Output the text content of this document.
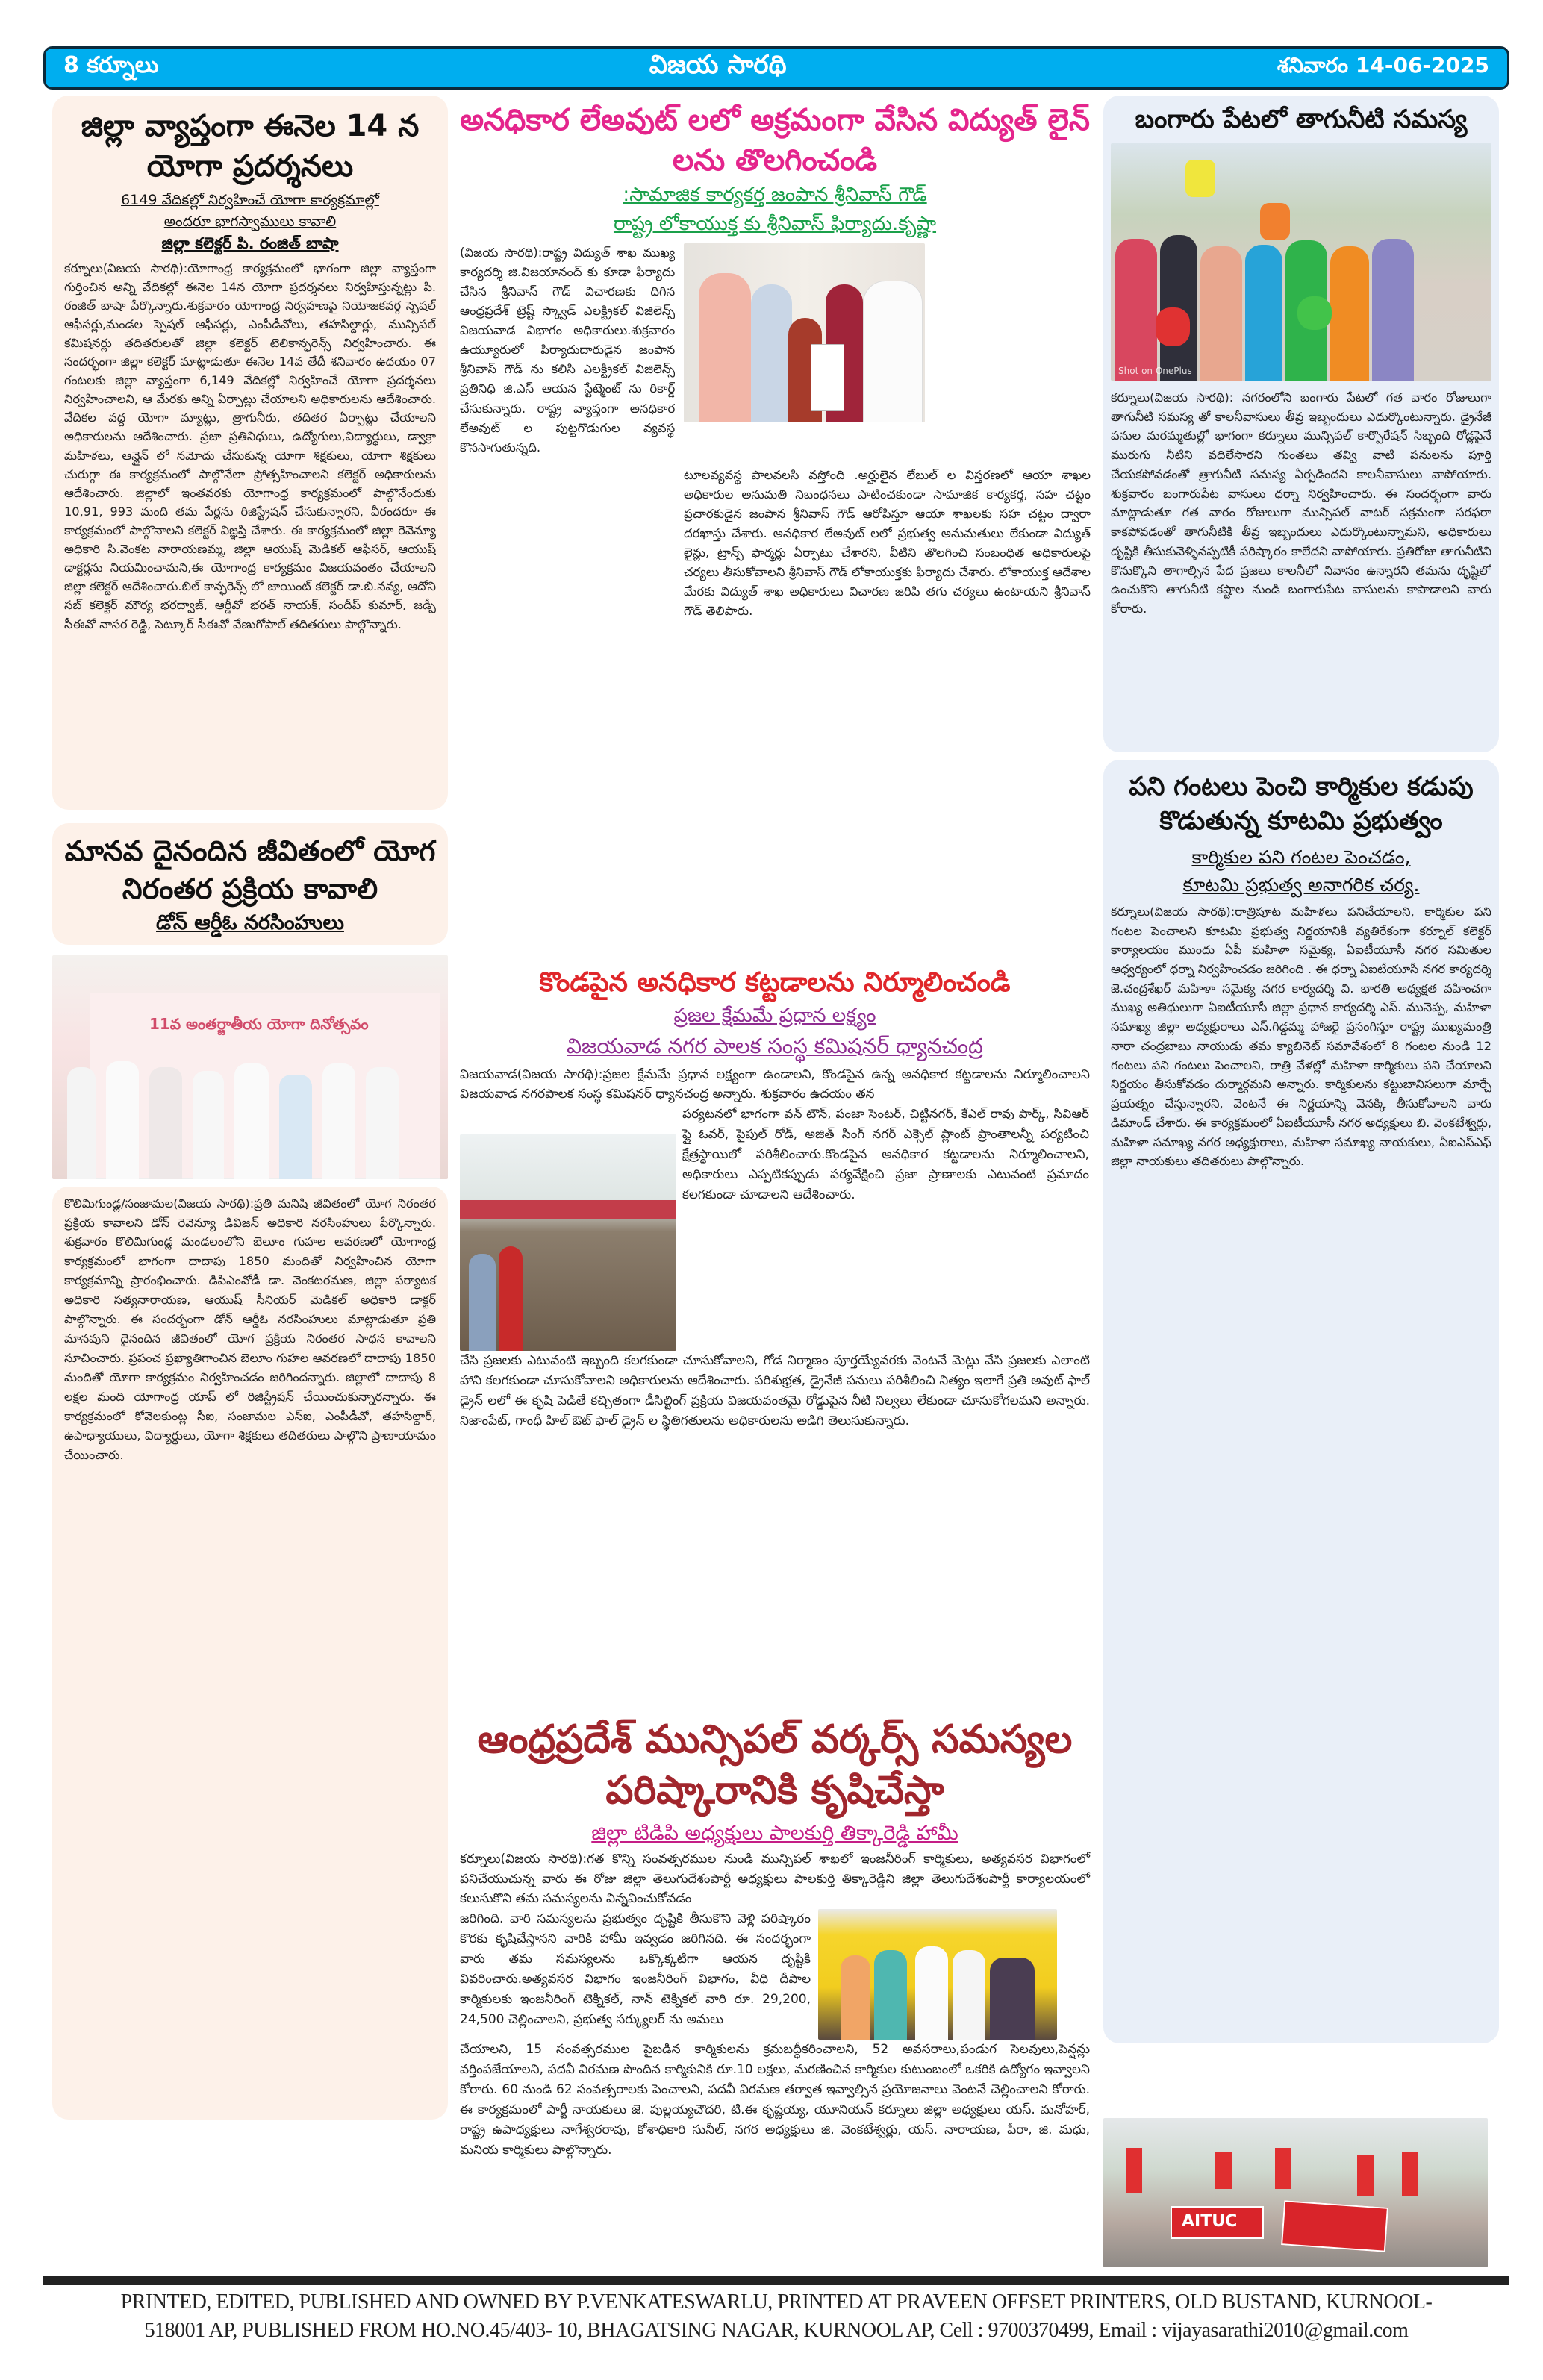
8 కర్నూలు	విజయ సారథి	శనివారం 14-06-2025
జిల్లా వ్యాప్తంగా ఈనెల 14 న యోగా ప్రదర్శనలు
6149 వేదికల్లో నిర్వహించే యోగా కార్యక్రమాల్లో
అందరూ భాగస్వాములు కావాలి
జిల్లా కలెక్టర్ పి. రంజిత్ బాషా
కర్నూలు(విజయ సారథి):యోగాంధ్ర కార్యక్రమంలో భాగంగా జిల్లా వ్యాప్తంగా గుర్తించిన అన్ని వేదికల్లో ఈనెల 14న యోగా ప్రదర్శనలు నిర్వహిస్తున్నట్లు పి. రంజిత్ బాషా పేర్కొన్నారు.శుక్రవారం యోగాంధ్ర నిర్వహణపై నియోజకవర్గ స్పెషల్ ఆఫీసర్లు,మండల స్పెషల్ ఆఫీసర్లు, ఎంపీడీవోలు, తహసిల్దార్లు, మున్సిపల్ కమిషనర్లు తదితరులతో జిల్లా కలెక్టర్ టెలికాన్ఫరెన్స్ నిర్వహించారు. ఈ సందర్భంగా జిల్లా కలెక్టర్ మాట్లాడుతూ ఈనెల 14వ తేదీ శనివారం ఉదయం 07 గంటలకు జిల్లా వ్యాప్తంగా 6,149 వేదికల్లో నిర్వహించే యోగా ప్రదర్శనలు నిర్వహించాలని, ఆ మేరకు అన్ని ఏర్పాట్లు చేయాలని అధికారులను ఆదేశించారు. వేదికల వద్ద యోగా మ్యాట్లు, త్రాగునీరు, తదితర ఏర్పాట్లు చేయాలని అధికారులను ఆదేశించారు. ప్రజా ప్రతినిధులు, ఉద్యోగులు,విద్యార్థులు, డ్వాక్రా మహిళలు, ఆన్లైన్ లో నమోదు చేసుకున్న యోగా శిక్షకులు, యోగా శిక్షకులు చురుగ్గా ఈ కార్యక్రమంలో పాల్గొనేలా ప్రోత్సహించాలని కలెక్టర్ అధికారులను ఆదేశించారు. జిల్లాలో ఇంతవరకు యోగాంధ్ర కార్యక్రమంలో పాల్గొనేందుకు 10,91, 993 మంది తమ పేర్లను రిజిస్ట్రేషన్ చేసుకున్నారని, వీరందరూ ఈ కార్యక్రమంలో పాల్గొనాలని కలెక్టర్ విజ్ఞప్తి చేశారు. ఈ కార్యక్రమంలో జిల్లా రెవెన్యూ అధికారి సి.వెంకట నారాయణమ్మ, జిల్లా ఆయుష్ మెడికల్ ఆఫీసర్, ఆయుష్ డాక్టర్లను నియమించామని,ఈ యోగాంధ్ర కార్యక్రమం విజయవంతం చేయాలని జిల్లా కలెక్టర్ ఆదేశించారు.బిల్ కాన్ఫరెన్స్ లో జాయింట్ కలెక్టర్ డా.బి.నవ్య, ఆదోని సబ్ కలెక్టర్ మౌర్య భరద్వాజ్, ఆర్డీవో భరత్ నాయక్, సందీప్ కుమార్, జడ్పీ సీఈవో నాసర రెడ్డి, సెట్కూర్ సీఈవో వేణుగోపాల్ తదితరులు పాల్గొన్నారు.
మానవ దైనందిన జీవితంలో యోగ నిరంతర ప్రక్రియ కావాలి
డోన్ ఆర్డీఓ నరసింహులు
11వ అంతర్జాతీయ యోగా దినోత్సవం
కొలిమిగుండ్ల/సంజామల(విజయ సారథి):ప్రతి మనిషి జీవితంలో యోగ నిరంతర ప్రక్రియ కావాలని డోన్ రెవెన్యూ డివిజన్ అధికారి నరసింహులు పేర్కొన్నారు. శుక్రవారం కొలిమిగుండ్ల మండలంలోని బెలూం గుహల ఆవరణలో యోగాంధ్ర కార్యక్రమంలో భాగంగా దాదాపు 1850 మందితో నిర్వహించిన యోగా కార్యక్రమాన్ని ప్రారంభించారు. డిపిఎంవోడీ డా. వెంకటరమణ, జిల్లా పర్యాటక అధికారి సత్యనారాయణ, ఆయుష్ సీనియర్ మెడికల్ అధికారి డాక్టర్ పాల్గొన్నారు. ఈ సందర్భంగా డోన్ ఆర్డీఓ నరసింహులు మాట్లాడుతూ ప్రతి మానవుని దైనందిన జీవితంలో యోగ ప్రక్రియ నిరంతర సాధన కావాలని సూచించారు. ప్రపంచ ప్రఖ్యాతిగాంచిన బెలూం గుహల ఆవరణలో దాదాపు 1850 మందితో యోగా కార్యక్రమం నిర్వహించడం జరిగిందన్నారు. జిల్లాలో దాదాపు 8 లక్షల మంది యోగాంధ్ర యాప్ లో రిజిస్ట్రేషన్ చేయించుకున్నారన్నారు. ఈ కార్యక్రమంలో కోవెలకుంట్ల సీఐ, సంజామల ఎస్ఐ, ఎంపీడీవో, తహసిల్దార్, ఉపాధ్యాయులు, విద్యార్థులు, యోగా శిక్షకులు తదితరులు పాల్గొని ప్రాణాయామం చేయించారు.
అనధికార లేఅవుట్ లలో అక్రమంగా వేసిన విద్యుత్ లైన్ లను తొలగించండి
:సామాజిక కార్యకర్త జంపాన శ్రీనివాస్ గౌడ్
రాష్ట్ర లోకాయుక్త కు శ్రీనివాస్ ఫిర్యాదు.కృష్ణా
(విజయ సారథి):రాష్ట్ర విద్యుత్ శాఖ ముఖ్య కార్యదర్శి జి.విజయానంద్ కు కూడా ఫిర్యాదు చేసిన శ్రీనివాస్ గౌడ్ విచారణకు దిగిన ఆంధ్రప్రదేశ్ ట్రెష్ట్ స్క్వాడ్ ఎలక్ట్రికల్ విజిలెన్స్ విజయవాడ విభాగం అధికారులు.శుక్రవారం ఉయ్యూరులో పిర్యాదుదారుడైన జంపాన శ్రీనివాస్ గౌడ్ ను కలిసి ఎలక్ట్రికల్ విజిలెన్స్ ప్రతినిధి జి.ఎస్ ఆయన స్టేట్మెంట్ ను రికార్డ్ చేసుకున్నారు. రాష్ట్ర వ్యాప్తంగా అనధికార లేఅవుట్ ల పుట్టగొడుగుల వ్యవస్థ కొనసాగుతున్నది.
టూలవ్యవస్థ పాలవలసి వస్తోంది .అర్హులైన లేబుల్ ల విస్తరణలో ఆయా శాఖల అధికారుల అనుమతి నిబంధనలు పాటించకుండా సామాజిక కార్యకర్త, సహ చట్టం ప్రచారకుడైన జంపాన శ్రీనివాస్ గౌడ్ ఆరోపిస్తూ ఆయా శాఖలకు సహ చట్టం ద్వారా దరఖాస్తు చేశారు. అనధికార లేఅవుట్ లలో ప్రభుత్వ అనుమతులు లేకుండా విద్యుత్ లైన్లు, ట్రాన్స్ ఫార్మర్లు ఏర్పాటు చేశారని, వీటిని తొలగించి సంబంధిత అధికారులపై చర్యలు తీసుకోవాలని శ్రీనివాస్ గౌడ్ లోకాయుక్తకు ఫిర్యాదు చేశారు. లోకాయుక్త ఆదేశాల మేరకు విద్యుత్ శాఖ అధికారులు విచారణ జరిపి తగు చర్యలు ఉంటాయని శ్రీనివాస్ గౌడ్ తెలిపారు.
కొండపైన అనధికార కట్టడాలను నిర్మూలించండి
ప్రజల క్షేమమే ప్రధాన లక్ష్యం
విజయవాడ నగర పాలక సంస్థ కమిషనర్ ధ్యానచంద్ర
విజయవాడ(విజయ సారథి):ప్రజల క్షేమమే ప్రధాన లక్ష్యంగా ఉండాలని, కొండపైన ఉన్న అనధికార కట్టడాలను నిర్మూలించాలని విజయవాడ నగరపాలక సంస్థ కమిషనర్ ధ్యానచంద్ర అన్నారు. శుక్రవారం ఉదయం తన
పర్యటనలో భాగంగా వన్ టౌన్, పంజా సెంటర్, చిట్టినగర్, కేఎల్ రావు పార్క్, సివిఆర్ ఫ్లై ఓవర్, పైపుల్ రోడ్, అజిత్ సింగ్ నగర్ ఎక్సెల్ ప్లాంట్ ప్రాంతాలన్నీ పర్యటించి క్షేత్రస్థాయిలో పరిశీలించారు.కొండపైన అనధికార కట్టడాలను నిర్మూలించాలని, అధికారులు ఎప్పటికప్పుడు పర్యవేక్షించి ప్రజా ప్రాణాలకు ఎటువంటి ప్రమాదం కలగకుండా చూడాలని ఆదేశించారు.
చేసి ప్రజలకు ఎటువంటి ఇబ్బంది కలగకుండా చూసుకోవాలని, గోడ నిర్మాణం పూర్తయ్యేవరకు వెంటనే మెట్లు వేసి ప్రజలకు ఎలాంటి హాని కలగకుండా చూసుకోవాలని అధికారులను ఆదేశించారు. పరిశుభ్రత, డ్రైనేజీ పనులు పరిశీలించి నిత్యం ఇలాగే ప్రతి అవుట్ ఫాల్ డ్రైన్ లలో ఈ కృషి పెడితే కచ్చితంగా డీసిల్టింగ్ ప్రక్రియ విజయవంతమై రోడ్డుపైన నీటి నిల్వలు లేకుండా చూసుకోగలమని అన్నారు. నిజాంపేట్, గాంధీ హిల్ ఔట్ ఫాల్ డ్రైన్ ల స్థితిగతులను అధికారులను అడిగి తెలుసుకున్నారు.
ఆంధ్రప్రదేశ్ మున్సిపల్ వర్కర్స్ సమస్యల పరిష్కారానికి కృషిచేస్తా
జిల్లా టిడిపి అధ్యక్షులు పాలకుర్తి తిక్కారెడ్డి హామీ
కర్నూలు(విజయ సారథి):గత కొన్ని సంవత్సరముల నుండి మున్సిపల్ శాఖలో ఇంజనీరింగ్ కార్మికులు, అత్యవసర విభాగంలో పనిచేయుచున్న వారు ఈ రోజు జిల్లా తెలుగుదేశంపార్టీ అధ్యక్షులు పాలకుర్తి తిక్కారెడ్డిని జిల్లా తెలుగుదేశంపార్టీ కార్యాలయంలో కలుసుకొని తమ సమస్యలను విన్నవించుకోవడం
జరిగింది. వారి సమస్యలను ప్రభుత్వం దృష్టికి తీసుకొని వెళ్లి పరిష్కారం కొరకు కృషిచేస్తానని వారికి హామీ ఇవ్వడం జరిగినది. ఈ సందర్భంగా వారు తమ సమస్యలను ఒక్కొక్కటిగా ఆయన దృష్టికి వివరించారు.అత్యవసర విభాగం ఇంజనీరింగ్ విభాగం, వీధి దీపాల కార్మికులకు ఇంజనీరింగ్ టెక్నికల్, నాన్ టెక్నికల్ వారి రూ. 29,200, 24,500 చెల్లించాలని, ప్రభుత్వ సర్క్యులర్ ను అమలు
చేయాలని, 15 సంవత్సరముల పైబడిన కార్మికులను క్రమబద్ధీకరించాలని, 52 అవసరాలు,పండుగ సెలవులు,పెన్షన్లు వర్తింపజేయాలని, పదవీ విరమణ పొందిన కార్మికునికి రూ.10 లక్షలు, మరణించిన కార్మికుల కుటుంబంలో ఒకరికి ఉద్యోగం ఇవ్వాలని కోరారు. 60 నుండి 62 సంవత్సరాలకు పెంచాలని, పదవీ విరమణ తర్వాత ఇవ్వాల్సిన ప్రయోజనాలు వెంటనే చెల్లించాలని కోరారు. ఈ కార్యక్రమంలో పార్టీ నాయకులు జె. పుల్లయ్యచౌదరి, టి.ఈ కృష్ణయ్య, యూనియన్ కర్నూలు జిల్లా అధ్యక్షులు యస్. మనోహర్, రాష్ట్ర ఉపాధ్యక్షులు నాగేశ్వరరావు, కోశాధికారి సునీల్, నగర అధ్యక్షులు జి. వెంకటేశ్వర్లు, యస్. నారాయణ, పీరా, జి. మధు, మనియ కార్మికులు పాల్గొన్నారు.
బంగారు పేటలో తాగునీటి సమస్య
Shot on OnePlus
కర్నూలు(విజయ సారథి): నగరంలోని బంగారు పేటలో గత వారం రోజులుగా తాగునీటి సమస్య తో కాలనీవాసులు తీవ్ర ఇబ్బందులు ఎదుర్కొంటున్నారు. డ్రైనేజీ పనుల మరమ్మతుల్లో భాగంగా కర్నూలు మున్సిపల్ కార్పొరేషన్ సిబ్బంది రోడ్లపైనే మురుగు నీటిని వదిలేసారని గుంతలు తవ్వి వాటి పనులను పూర్తి చేయకపోవడంతో త్రాగునీటి సమస్య ఏర్పడిందని కాలనీవాసులు వాపోయారు. శుక్రవారం బంగారుపేట వాసులు ధర్నా నిర్వహించారు. ఈ సందర్భంగా వారు మాట్లాడుతూ గత వారం రోజులుగా మున్సిపల్ వాటర్ సక్రమంగా సరఫరా కాకపోవడంతో తాగునీటికి తీవ్ర ఇబ్బందులు ఎదుర్కొంటున్నామని, అధికారులు దృష్టికి తీసుకువెళ్ళినప్పటికీ పరిష్కారం కాలేదని వాపోయారు. ప్రతిరోజు తాగునీటిని కొనుక్కొని తాగాల్సిన పేద ప్రజలు కాలనీలో నివాసం ఉన్నారని తమను దృష్టిలో ఉంచుకొని తాగునీటి కష్టాల నుండి బంగారుపేట వాసులను కాపాడాలని వారు కోరారు.
పని గంటలు పెంచి కార్మికుల కడుపు కొడుతున్న కూటమి ప్రభుత్వం
కార్మికుల పని గంటల పెంచడం,
కూటమి ప్రభుత్వ అనాగరిక చర్య.
కర్నూలు(విజయ సారథి):రాత్రిపూట మహిళలు పనిచేయాలని, కార్మికుల పని గంటల పెంచాలని కూటమి ప్రభుత్వ నిర్ణయానికి వ్యతిరేకంగా కర్నూల్ కలెక్టర్ కార్యాలయం ముందు ఏపీ మహిళా సమైక్య, ఏఐటీయూసీ నగర సమితుల ఆధ్వర్యంలో ధర్నా నిర్వహించడం జరిగింది . ఈ ధర్నా ఏఐటీయూసీ నగర కార్యదర్శి జె.చంద్రశేఖర్ మహిళా సమైక్య నగర కార్యదర్శి వి. భారతి అధ్యక్షత వహించగా ముఖ్య అతిథులుగా ఏఐటీయూసీ జిల్లా ప్రధాన కార్యదర్శి ఎస్. మునెప్ప, మహిళా సమాఖ్య జిల్లా అధ్యక్షురాలు ఎస్.గిడ్డమ్మ హాజరై ప్రసంగిస్తూ రాష్ట్ర ముఖ్యమంత్రి నారా చంద్రబాబు నాయుడు తమ క్యాబినెట్ సమావేశంలో 8 గంటల నుండి 12 గంటలు పని గంటలు పెంచాలని, రాత్రి వేళల్లో మహిళా కార్మికులు పని చేయాలని నిర్ణయం తీసుకోవడం దుర్మార్గమని అన్నారు. కార్మికులను కట్టుబానిసలుగా మార్చే ప్రయత్నం చేస్తున్నారని, వెంటనే ఈ నిర్ణయాన్ని వెనక్కి తీసుకోవాలని వారు డిమాండ్ చేశారు. ఈ కార్యక్రమంలో ఏఐటీయూసీ నగర అధ్యక్షులు బి. వెంకటేశ్వర్లు, మహిళా సమాఖ్య నగర అధ్యక్షురాలు, మహిళా సమాఖ్య నాయకులు, ఏఐఎస్ఎఫ్ జిల్లా నాయకులు తదితరులు పాల్గొన్నారు.
AITUC
PRINTED, EDITED, PUBLISHED AND OWNED BY P.VENKATESWARLU, PRINTED AT PRAVEEN OFFSET PRINTERS, OLD BUSTAND, KURNOOL-
518001 AP, PUBLISHED FROM HO.NO.45/403- 10, BHAGATSING NAGAR, KURNOOL AP, Cell : 9700370499, Email : vijayasarathi2010@gmail.com
